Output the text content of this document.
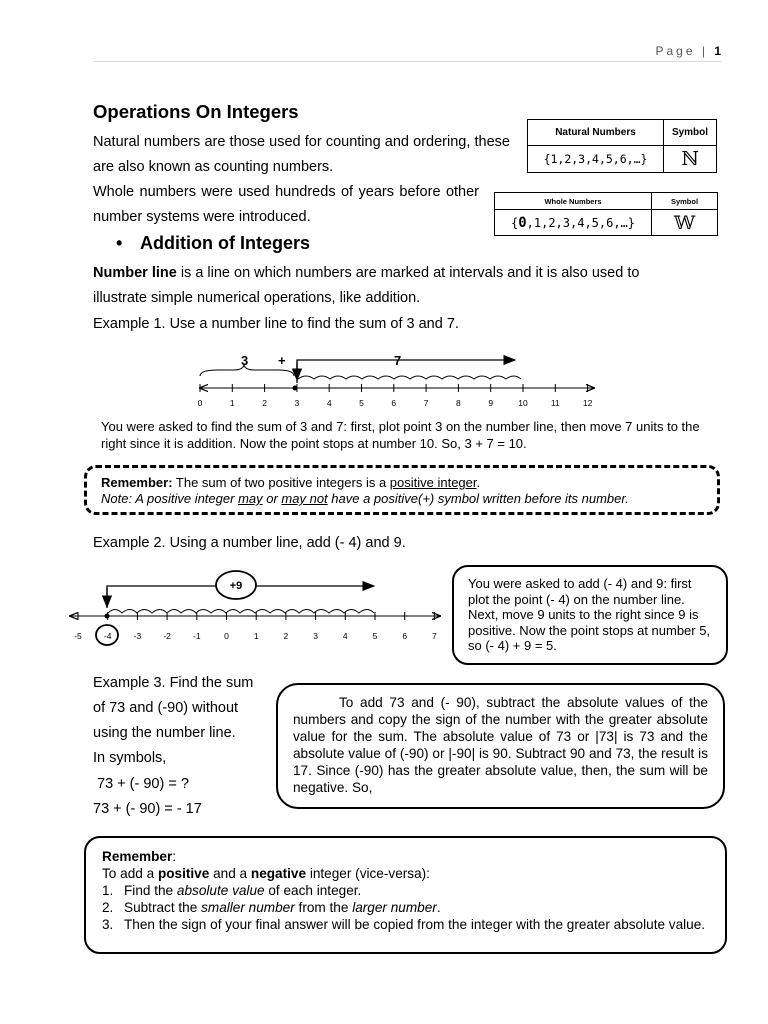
Page | 1
Operations On Integers
Natural numbers are those used for counting and ordering, these are also known as counting numbers.
Whole numbers were used hundreds of years before other number systems were introduced.
Natural Numbers	Symbol
{1,2,3,4,5,6,…}	ℕ
Whole Numbers	Symbol
{0,1,2,3,4,5,6,…}	𝕎
• Addition of Integers
Number line is a line on which numbers are marked at intervals and it is also used to illustrate simple numerical operations, like addition.
Example 1. Use a number line to find the sum of 3 and 7.
3 +	7
0	1	2	3	4	5	6	7	8	9	10	11	12
You were asked to find the sum of 3 and 7: first, plot point 3 on the number line, then move 7 units to the right since it is addition. Now the point stops at number 10. So, 3 + 7 = 10.
Remember: The sum of two positive integers is a positive integer.
Note: A positive integer may or may not have a positive(+) symbol written before its number.
Example 2. Using a number line, add (- 4) and 9.
+9
-5	-4	-3	-2	-1	0	1	2	3	4	5	6	7
You were asked to add (- 4) and 9: first plot the point (- 4) on the number line. Next, move 9 units to the right since 9 is positive. Now the point stops at number 5, so (- 4) + 9 = 5.
Example 3. Find the sum
of 73 and (-90) without
using the number line.
In symbols,
73 + (- 90) = ?
73 + (- 90) = - 17
To add 73 and (- 90), subtract the absolute values of the numbers and copy the sign of the number with the greater absolute value for the sum. The absolute value of 73 or |73| is 73 and the absolute value of (-90) or |-90| is 90. Subtract 90 and 73, the result is 17. Since (-90) has the greater absolute value, then, the sum will be negative. So,
Remember:
To add a positive and a negative integer (vice-versa):
1. Find the absolute value of each integer.
2. Subtract the smaller number from the larger number.
3. Then the sign of your final answer will be copied from the integer with the greater absolute value.
